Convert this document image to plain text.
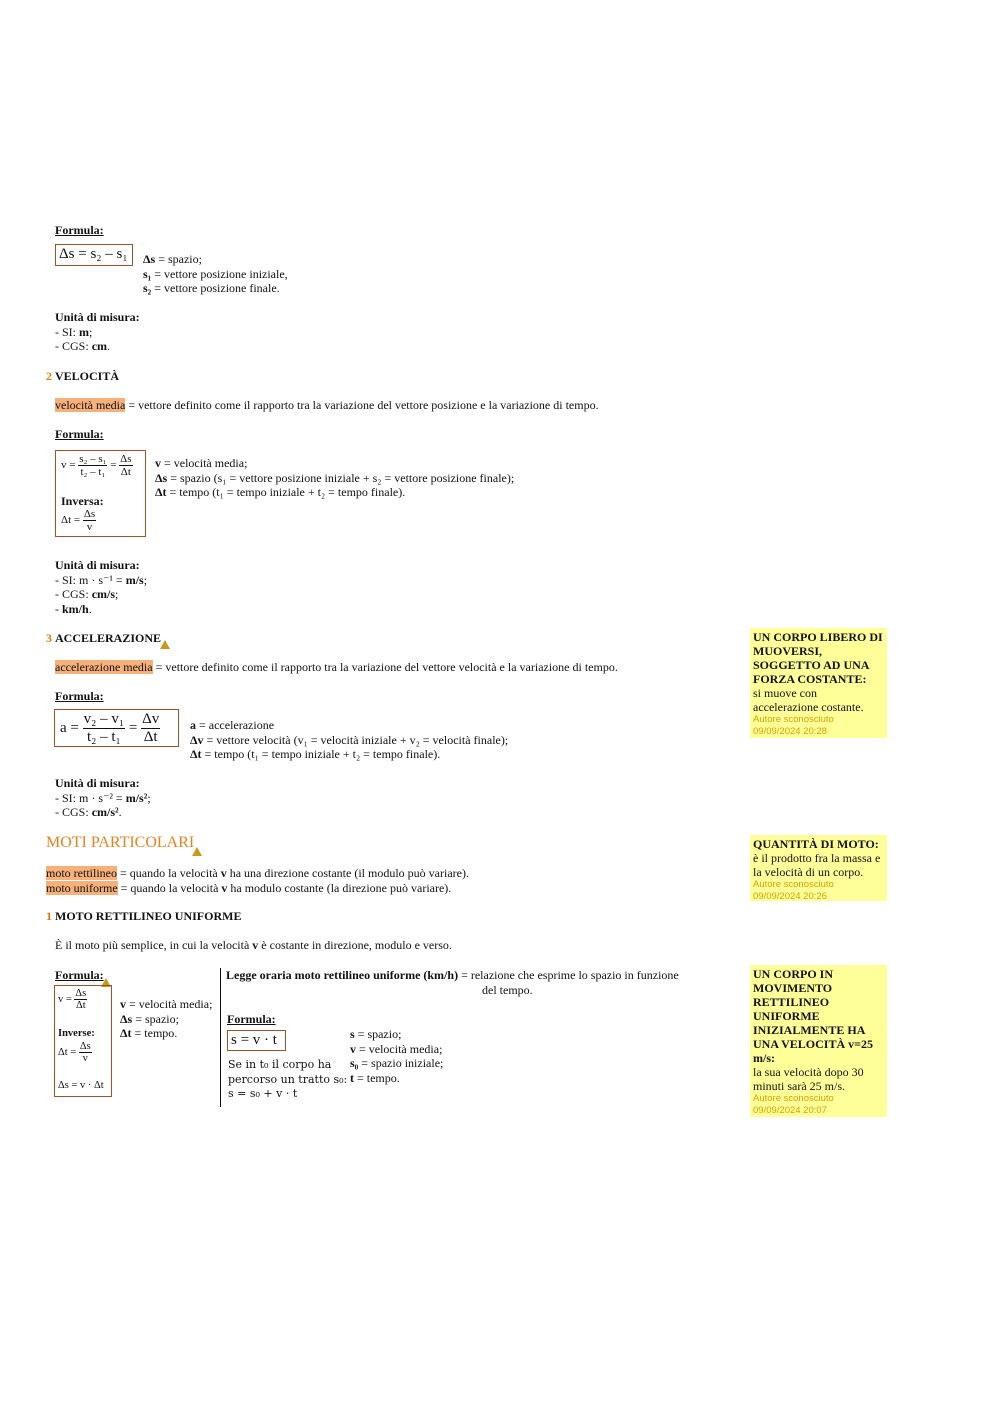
Formula:
Δs = s₂ – s₁ Δs = spazio;
s₁ = vettore posizione iniziale,
s₂ = vettore posizione finale.
Unità di misura:
- SI: m;
- CGS: cm.
2 VELOCITÀ
velocità media = vettore definito come il rapporto tra la variazione del vettore posizione e la variazione di tempo.
Formula:
$v = \frac{\text{s₂ – s₁}}{\text{t₂ – t₁}} = \frac{\Delta s}{\Delta t}$
Inversa:
$\Delta t = \frac{\Delta s}{v}$
v = velocità media;
Δs = spazio (s₁ = vettore posizione iniziale + s₂ = vettore posizione finale);
Δt = tempo (t₁ = tempo iniziale + t₂ = tempo finale).
Unità di misura:
- SI: m · s⁻¹ = m/s;
- CGS: cm/s;
- km/h.
3 ACCELERAZIONE
accelerazione media = vettore definito come il rapporto tra la variazione del vettore velocità e la variazione di tempo.
Formula:
$a = \frac{\text{v₂ – v₁}}{\text{t₂ – t₁}} = \frac{\Delta v}{\Delta t}$ a = accelerazione
Δv = vettore velocità (v₁ = velocità iniziale + v₂ = velocità finale);
Δt = tempo (t₁ = tempo iniziale + t₂ = tempo finale).
Unità di misura:
- SI: m · s⁻² = m/s²;
- CGS: cm/s².
MOTI PARTICOLARI
moto rettilineo = quando la velocità v ha una direzione costante (il modulo può variare).
moto uniforme = quando la velocità v ha modulo costante (la direzione può variare).
1 MOTO RETTILINEO UNIFORME
È il moto più semplice, in cui la velocità v è costante in direzione, modulo e verso.
Formula:
$v = \frac{\Delta s}{\Delta t}$
Inverse:
$\Delta t = \frac{\Delta s}{v}$
Δs = v · Δt
v = velocità media;
Δs = spazio;
Δt = tempo.
Legge oraria moto rettilineo uniforme (km/h) = relazione che esprime lo spazio in funzione
del tempo.
Formula:
s = v · t
Se in t₀ il corpo ha
percorso un tratto s₀:
s = s₀ + v · t
s = spazio;
v = velocità media;
s₀ = spazio iniziale;
t = tempo.
UN CORPO LIBERO DI MUOVERSI, SOGGETTO AD UNA FORZA COSTANTE:
si muove con accelerazione costante.
Autore sconosciuto
09/09/2024 20:28
QUANTITÀ DI MOTO:
è il prodotto fra la massa e la velocità di un corpo.
Autore sconosciuto
09/09/2024 20:26
UN CORPO IN MOVIMENTO RETTILINEO UNIFORME INIZIALMENTE HA UNA VELOCITÀ v=25 m/s:
la sua velocità dopo 30 minuti sarà 25 m/s.
Autore sconosciuto
09/09/2024 20:07
